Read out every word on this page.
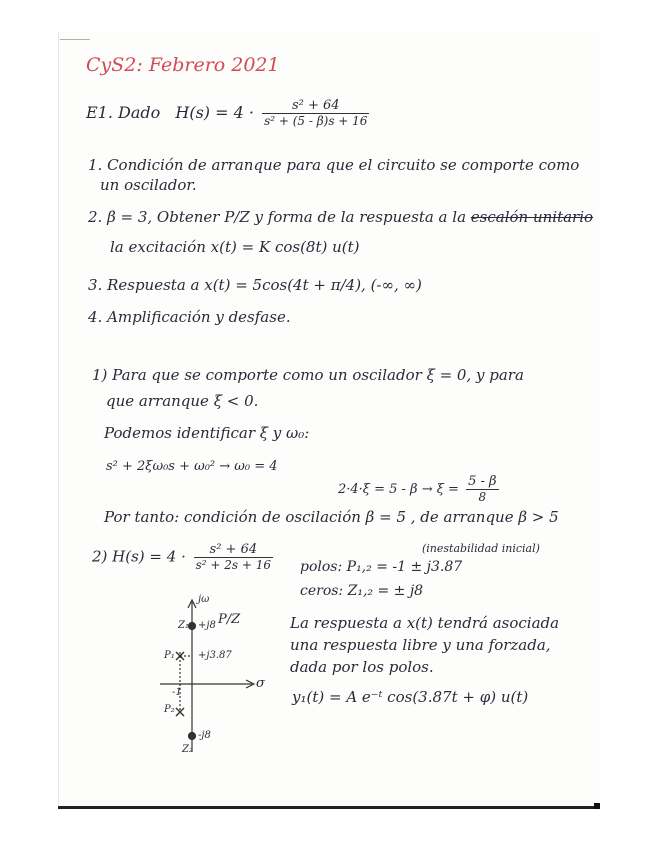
CyS2: Febrero 2021
E1. Dado $H(s) = 4 \cdot \frac{\text{s² + 64}}{\text{s² + (5 - β)s + 16}}$
1. Condición de arranque para que el circuito se comporte como
un oscilador.
2. β = 3, Obtener P/Z y forma de la respuesta a la escalón unitario
la excitación x(t) = K cos(8t) u(t)
3. Respuesta a x(t) = 5cos(4t + π/4), (-∞, ∞)
4. Amplificación y desfase.
1) Para que se comporte como un oscilador ξ = 0, y para
que arranque ξ < 0.
Podemos identificar ξ y ω₀:
s² + 2ξω₀s + ω₀² → ω₀ = 4
$2\cdot 4\cdot\xi = 5 - \beta \to \xi = \frac{5 - \beta}{8}$
Por tanto: condición de oscilación β = 5 , de arranque β > 5
(inestabilidad inicial)
2) $H(s) = 4 \cdot \frac{\text{s² + 64}}{\text{s² + 2s + 16}}$ polos: P₁,₂ = -1 ± j3.87
ceros: Z₁,₂ = ± j8
La respuesta a x(t) tendrá asociada
una respuesta libre y una forzada,
dada por los polos.
y₁(t) = A e⁻ᵗ cos(3.87t + φ) u(t)
jω
P/Z
Z₁ +j8
P₁ +j3.87
-1
σ
P₂
Z₂
-j8
